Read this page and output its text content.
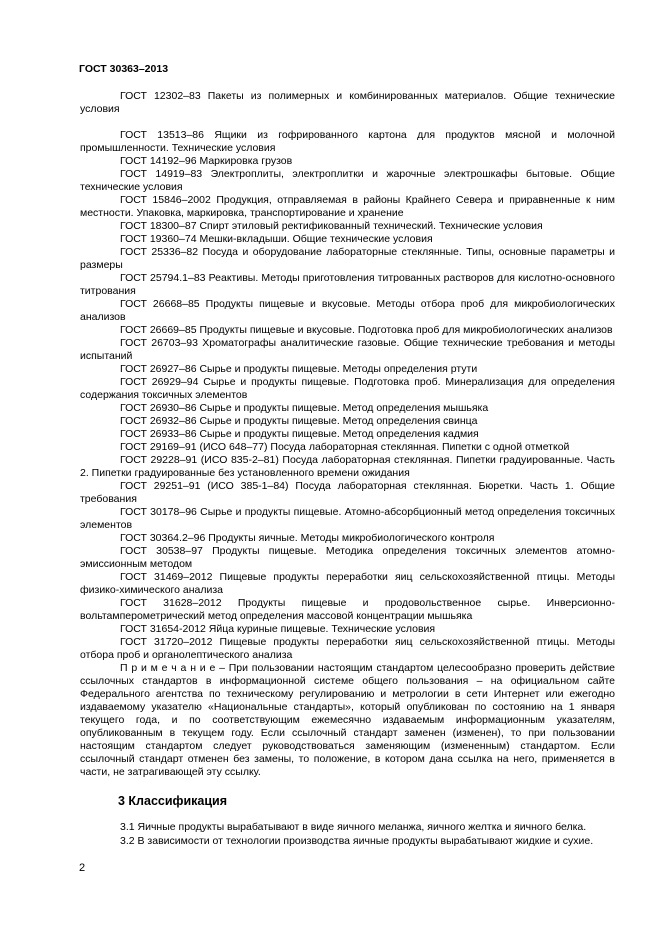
ГОСТ 30363–2013

ГОСТ 12302–83 Пакеты из полимерных и комбинированных материалов. Общие технические условия

ГОСТ 13513–86 Ящики из гофрированного картона для продуктов мясной и молочной промышленности. Технические условия

ГОСТ 14192–96 Маркировка грузов

ГОСТ 14919–83 Электроплиты, электроплитки и жарочные электрошкафы бытовые. Общие технические условия

ГОСТ 15846–2002 Продукция, отправляемая в районы Крайнего Севера и приравненные к ним местности. Упаковка, маркировка, транспортирование и хранение

ГОСТ 18300–87 Спирт этиловый ректификованный технический. Технические условия

ГОСТ 19360–74 Мешки-вкладыши. Общие технические условия

ГОСТ 25336–82 Посуда и оборудование лабораторные стеклянные. Типы, основные параметры и размеры

ГОСТ 25794.1–83 Реактивы. Методы приготовления титрованных растворов для кислотно-основного титрования

ГОСТ 26668–85 Продукты пищевые и вкусовые. Методы отбора проб для микробиологических анализов

ГОСТ 26669–85 Продукты пищевые и вкусовые. Подготовка проб для микробиологических анализов

ГОСТ 26703–93 Хроматографы аналитические газовые. Общие технические требования и методы испытаний

ГОСТ 26927–86 Сырье и продукты пищевые. Методы определения ртути

ГОСТ 26929–94 Сырье и продукты пищевые. Подготовка проб. Минерализация для определения содержания токсичных элементов

ГОСТ 26930–86 Сырье и продукты пищевые. Метод определения мышьяка

ГОСТ 26932–86 Сырье и продукты пищевые. Метод определения свинца

ГОСТ 26933–86 Сырье и продукты пищевые. Метод определения кадмия

ГОСТ 29169–91 (ИСО 648–77) Посуда лабораторная стеклянная. Пипетки с одной отметкой

ГОСТ 29228–91 (ИСО 835-2–81) Посуда лабораторная стеклянная. Пипетки градуированные. Часть 2. Пипетки градуированные без установленного времени ожидания

ГОСТ 29251–91 (ИСО 385-1–84) Посуда лабораторная стеклянная. Бюретки. Часть 1. Общие требования

ГОСТ 30178–96 Сырье и продукты пищевые. Атомно-абсорбционный метод определения токсичных элементов

ГОСТ 30364.2–96 Продукты яичные. Методы микробиологического контроля

ГОСТ 30538–97 Продукты пищевые. Методика определения токсичных элементов атомно-эмиссионным методом

ГОСТ 31469–2012 Пищевые продукты переработки яиц сельскохозяйственной птицы. Методы физико-химического анализа

ГОСТ 31628–2012 Продукты пищевые и продовольственное сырье. Инверсионно-вольтамперометрический метод определения массовой концентрации мышьяка

ГОСТ 31654-2012 Яйца куриные пищевые. Технические условия

ГОСТ 31720–2012 Пищевые продукты переработки яиц сельскохозяйственной птицы. Методы отбора проб и органолептического анализа

П р и м е ч а н и е – При пользовании настоящим стандартом целесообразно проверить действие ссылочных стандартов в информационной системе общего пользования – на официальном сайте Федерального агентства по техническому регулированию и метрологии в сети Интернет или ежегодно издаваемому указателю «Национальные стандарты», который опубликован по состоянию на 1 января текущего года, и по соответствующим ежемесячно издаваемым информационным указателям, опубликованным в текущем году. Если ссылочный стандарт заменен (изменен), то при пользовании настоящим стандартом следует руководствоваться заменяющим (измененным) стандартом. Если ссылочный стандарт отменен без замены, то положение, в котором дана ссылка на него, применяется в части, не затрагивающей эту ссылку.

3 Классификация

3.1 Яичные продукты вырабатывают в виде яичного меланжа, яичного желтка и яичного белка.

3.2 В зависимости от технологии производства яичные продукты вырабатывают жидкие и сухие.

2
